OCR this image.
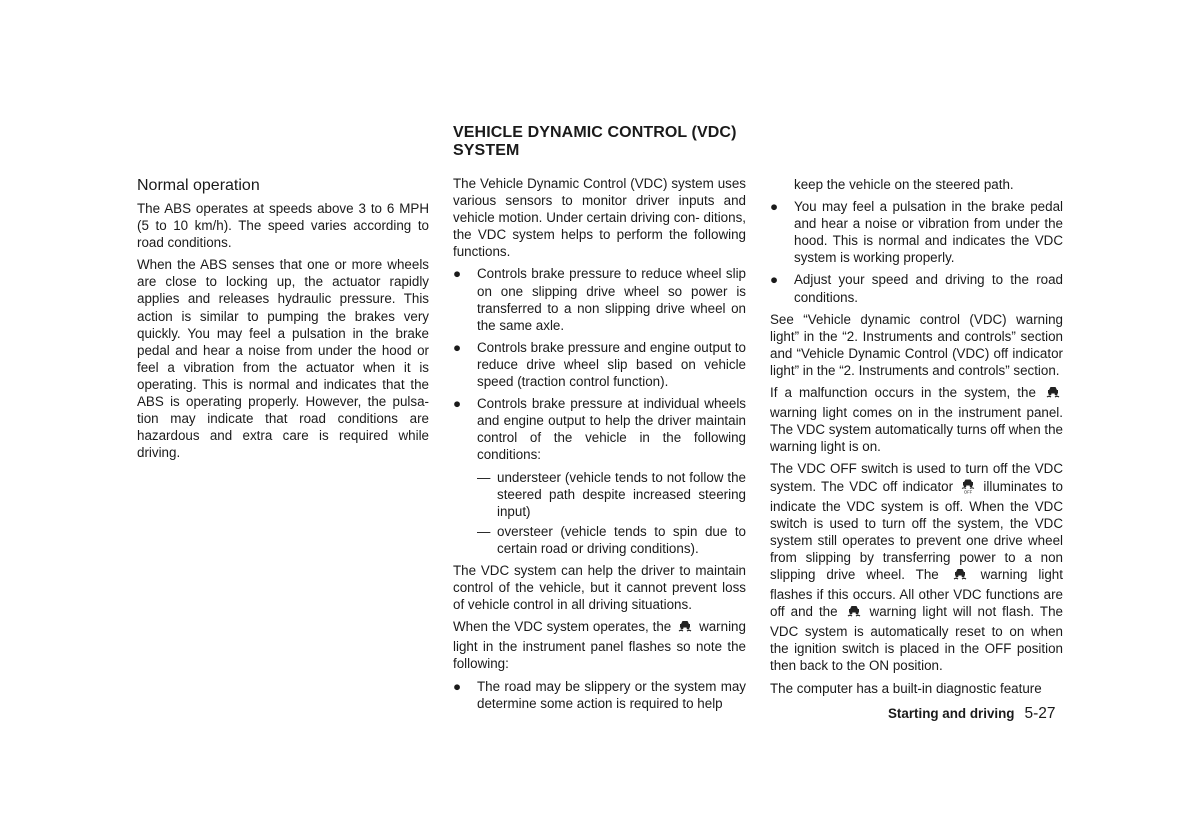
Normal operation

The ABS operates at speeds above 3 to 6 MPH (5 to 10 km/h). The speed varies according to road conditions.

When the ABS senses that one or more wheels are close to locking up, the actuator rapidly applies and releases hydraulic pressure. This action is similar to pumping the brakes very quickly. You may feel a pulsation in the brake pedal and hear a noise from under the hood or feel a vibration from the actuator when it is operating. This is normal and indicates that the ABS is operating properly. However, the pulsa- tion may indicate that road conditions are hazardous and extra care is required while driving.

VEHICLE DYNAMIC CONTROL (VDC) SYSTEM

The Vehicle Dynamic Control (VDC) system uses various sensors to monitor driver inputs and vehicle motion. Under certain driving con- ditions, the VDC system helps to perform the following functions.

● Controls brake pressure to reduce wheel slip on one slipping drive wheel so power is transferred to a non slipping drive wheel on the same axle.
● Controls brake pressure and engine output to reduce drive wheel slip based on vehicle speed (traction control function).
● Controls brake pressure at individual wheels and engine output to help the driver maintain control of the vehicle in the following conditions:
— understeer (vehicle tends to not follow the steered path despite increased steering input)
— oversteer (vehicle tends to spin due to certain road or driving conditions).

The VDC system can help the driver to maintain control of the vehicle, but it cannot prevent loss of vehicle control in all driving situations.

When the VDC system operates, the warning light in the instrument panel flashes so note the following:

● The road may be slippery or the system may determine some action is required to help
keep the vehicle on the steered path.
● You may feel a pulsation in the brake pedal and hear a noise or vibration from under the hood. This is normal and indicates the VDC system is working properly.
● Adjust your speed and driving to the road conditions.

See “Vehicle dynamic control (VDC) warning light” in the “2. Instruments and controls” section and “Vehicle Dynamic Control (VDC) off indicator light” in the “2. Instruments and controls” section.

If a malfunction occurs in the system, the  warning light comes on in the instrument panel. The VDC system automatically turns off when the warning light is on.

The VDC OFF switch is used to turn off the VDC system. The VDC off indicator	OFF illuminates to indicate the VDC system is off. When the VDC switch is used to turn off the system, the VDC system still operates to prevent one drive wheel from slipping by transferring power to a non slipping drive wheel. The	warning light flashes if this occurs. All other VDC functions are off and the warning light will not flash. The VDC system is automatically reset to on when the ignition switch is placed in the OFF position then back to the ON position.

The computer has a built-in diagnostic feature

Starting and driving 5-27
